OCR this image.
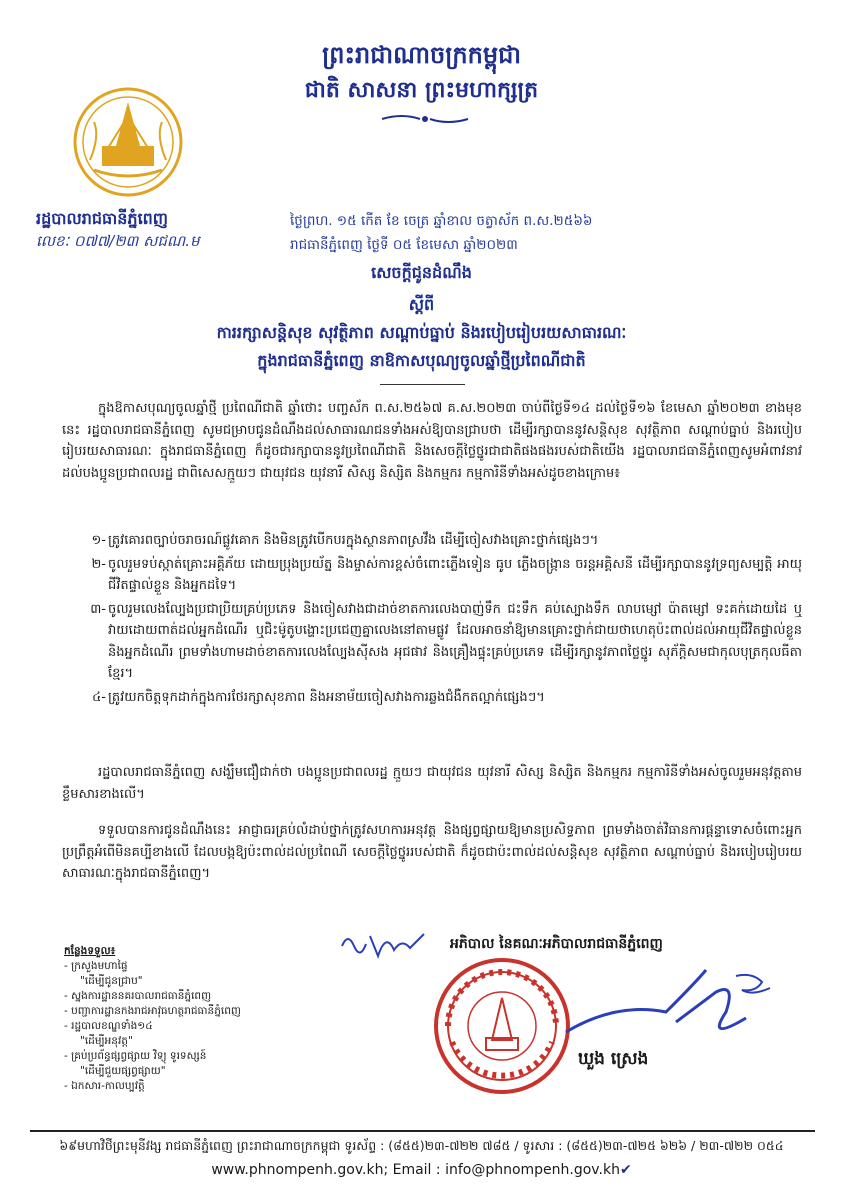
ព្រះរាជាណាចក្រកម្ពុជា
ជាតិ សាសនា ព្រះមហាក្សត្រ
រដ្ឋបាលរាជធានីភ្នំពេញ
លេខៈ ០៧៧/២៣ សជណ.ម
ថ្ងៃព្រហ. ១៥ កើត ខែ ចេត្រ ឆ្នាំខាល ចត្វាស័ក ព.ស.២៥៦៦
រាជធានីភ្នំពេញ ថ្ងៃទី ០៥ ខែមេសា ឆ្នាំ២០២៣
សេចក្តីជូនដំណឹង
ស្តីពី
ការរក្សាសន្តិសុខ សុវត្ថិភាព សណ្តាប់ធ្នាប់ និងរបៀបរៀបរយសាធារណៈ
ក្នុងរាជធានីភ្នំពេញ នាឱកាសបុណ្យចូលឆ្នាំថ្មីប្រពៃណីជាតិ
ក្នុងឱកាសបុណ្យចូលឆ្នាំថ្មី ប្រពៃណីជាតិ ឆ្នាំថោះ បញ្ចស័ក ព.ស.២៥៦៧ គ.ស.២០២៣ ចាប់ពីថ្ងៃទី១៤ ដល់ថ្ងៃទី១៦ ខែមេសា ឆ្នាំ២០២៣ ខាងមុខនេះ រដ្ឋបាលរាជធានីភ្នំពេញ សូមជម្រាបជូនដំណឹងដល់សាធារណជនទាំងអស់ឱ្យបានជ្រាបថា ដើម្បីរក្សាបាននូវសន្តិសុខ សុវត្ថិភាព សណ្តាប់ធ្នាប់ និងរបៀបរៀបរយសាធារណៈ ក្នុងរាជធានីភ្នំពេញ ក៏ដូចជារក្សាបាននូវប្រពៃណីជាតិ និងសេចក្តីថ្លៃថ្នូរជាជាតិផងផងរបស់ជាតិយើង រដ្ឋបាលរាជធានីភ្នំពេញសូមអំពាវនាវដល់បងប្អូនប្រជាពលរដ្ឋ ជាពិសេសក្មួយៗ ជាយុវជន យុវនារី សិស្ស និស្សិត និងកម្មករ កម្មការិនីទាំងអស់ដូចខាងក្រោម៖
១- ត្រូវគោរពច្បាប់ចរាចរណ៍ផ្លូវគោក និងមិនត្រូវបើកបរក្នុងស្ថានភាពស្រវឹង ដើម្បីចៀសវាងគ្រោះថ្នាក់ផ្សេងៗ។
២- ចូលរួមទប់ស្កាត់គ្រោះអគ្គិភ័យ ដោយប្រុងប្រយ័ត្ន និងម្ចាស់ការខ្ពស់ចំពោះភ្លើងទៀន ធូប ភ្លើងចង្ក្រាន ចរន្តអគ្គិសនី ដើម្បីរក្សាបាននូវទ្រព្យសម្បត្តិ អាយុជីវិតផ្ទាល់ខ្លួន និងអ្នកដទៃ។
៣- ចូលរួមលេងល្បែងប្រជាប្រិយគ្រប់ប្រភេទ និងចៀសវាងជាដាច់ខាតការលេងបាញ់ទឹក ជះទឹក គប់ស្បោងទឹក លាបម្សៅ ប៉ាតម្សៅ ទះគក់ដោយដៃ ឬវាយដោយពាត់ដល់អ្នកដំណើរ ឬជិះម៉ូតូបង្ហោះប្រជេញគ្នាលេងនៅតាមផ្លូវ ដែលអាចនាំឱ្យមានគ្រោះថ្នាក់ជាយថាហេតុប៉ះពាល់ដល់អាយុជីវិតផ្ទាល់ខ្លួន និងអ្នកដំណើរ ព្រមទាំងហាមដាច់ខាតការលេងល្បែងស៊ីសង អុជផាវ និងគ្រឿងផ្ទុះគ្រប់ប្រភេទ ដើម្បីរក្សានូវភាពថ្លៃថ្នូរ សុភ័ក្តិសមជាកុលបុត្រកុលធីតាខ្មែរ។
៤- ត្រូវយកចិត្តទុកដាក់ក្នុងការថែរក្សាសុខភាព និងអនាម័យចៀសវាងការឆ្លងជំងឺកតល្អាក់ផ្សេងៗ។
រដ្ឋបាលរាជធានីភ្នំពេញ សង្ឃឹមជឿជាក់ថា បងប្អូនប្រជាពលរដ្ឋ ក្មួយៗ ជាយុវជន យុវនារី សិស្ស និស្សិត និងកម្មករ កម្មការិនីទាំងអស់ចូលរួមអនុវត្តតាមខ្លឹមសារខាងលើ។
ទទួលបានការជូនដំណឹងនេះ អាជ្ញាធរគ្រប់លំដាប់ថ្នាក់ត្រូវសហការអនុវត្ត និងផ្សព្វផ្សាយឱ្យមានប្រសិទ្ធភាព ព្រមទាំងចាត់វិធានការផ្តន្ទាទោសចំពោះអ្នកប្រព្រឹត្តអំពើមិនគប្បីខាងលើ ដែលបង្កឱ្យប៉ះពាល់ដល់ប្រពៃណី សេចក្តីថ្លៃថ្នូររបស់ជាតិ ក៏ដូចជាប៉ះពាល់ដល់សន្តិសុខ សុវត្ថិភាព សណ្តាប់ធ្នាប់ និងរបៀបរៀបរយសាធារណៈក្នុងរាជធានីភ្នំពេញ។
អភិបាល នៃគណៈអភិបាលរាជធានីភ្នំពេញ
ឃួង ស្រេង
កន្លែងទទួល៖
- ក្រសួងមហាផ្ទៃ
"ដើម្បីជូនជ្រាប"
- ស្នងការដ្ឋាននគរបាលរាជធានីភ្នំពេញ
- បញ្ជាការដ្ឋានកងរាជអាវុធហត្ថរាជធានីភ្នំពេញ
- រដ្ឋបាលខណ្ឌទាំង១៤
"ដើម្បីអនុវត្ត"
- គ្រប់ប្រព័ន្ធផ្សព្វផ្សាយ វិទ្យុ ទូរទស្សន៍
"ដើម្បីជួយផ្សព្វផ្សាយ"
- ឯកសារ-កាលប្បវត្តិ
៦៩មហាវិថីព្រះមុនីវង្ស រាជធានីភ្នំពេញ ព្រះរាជាណាចក្រកម្ពុជា ទូរស័ព្ទ : (៨៥៥)២៣-៧២២ ៧៨៥ / ទូរសារ : (៨៥៥)២៣-៧២៥ ៦២៦ / ២៣-៧២២ ០៥៤
www.phnompenh.gov.kh; Email : info@phnompenh.gov.kh✔
